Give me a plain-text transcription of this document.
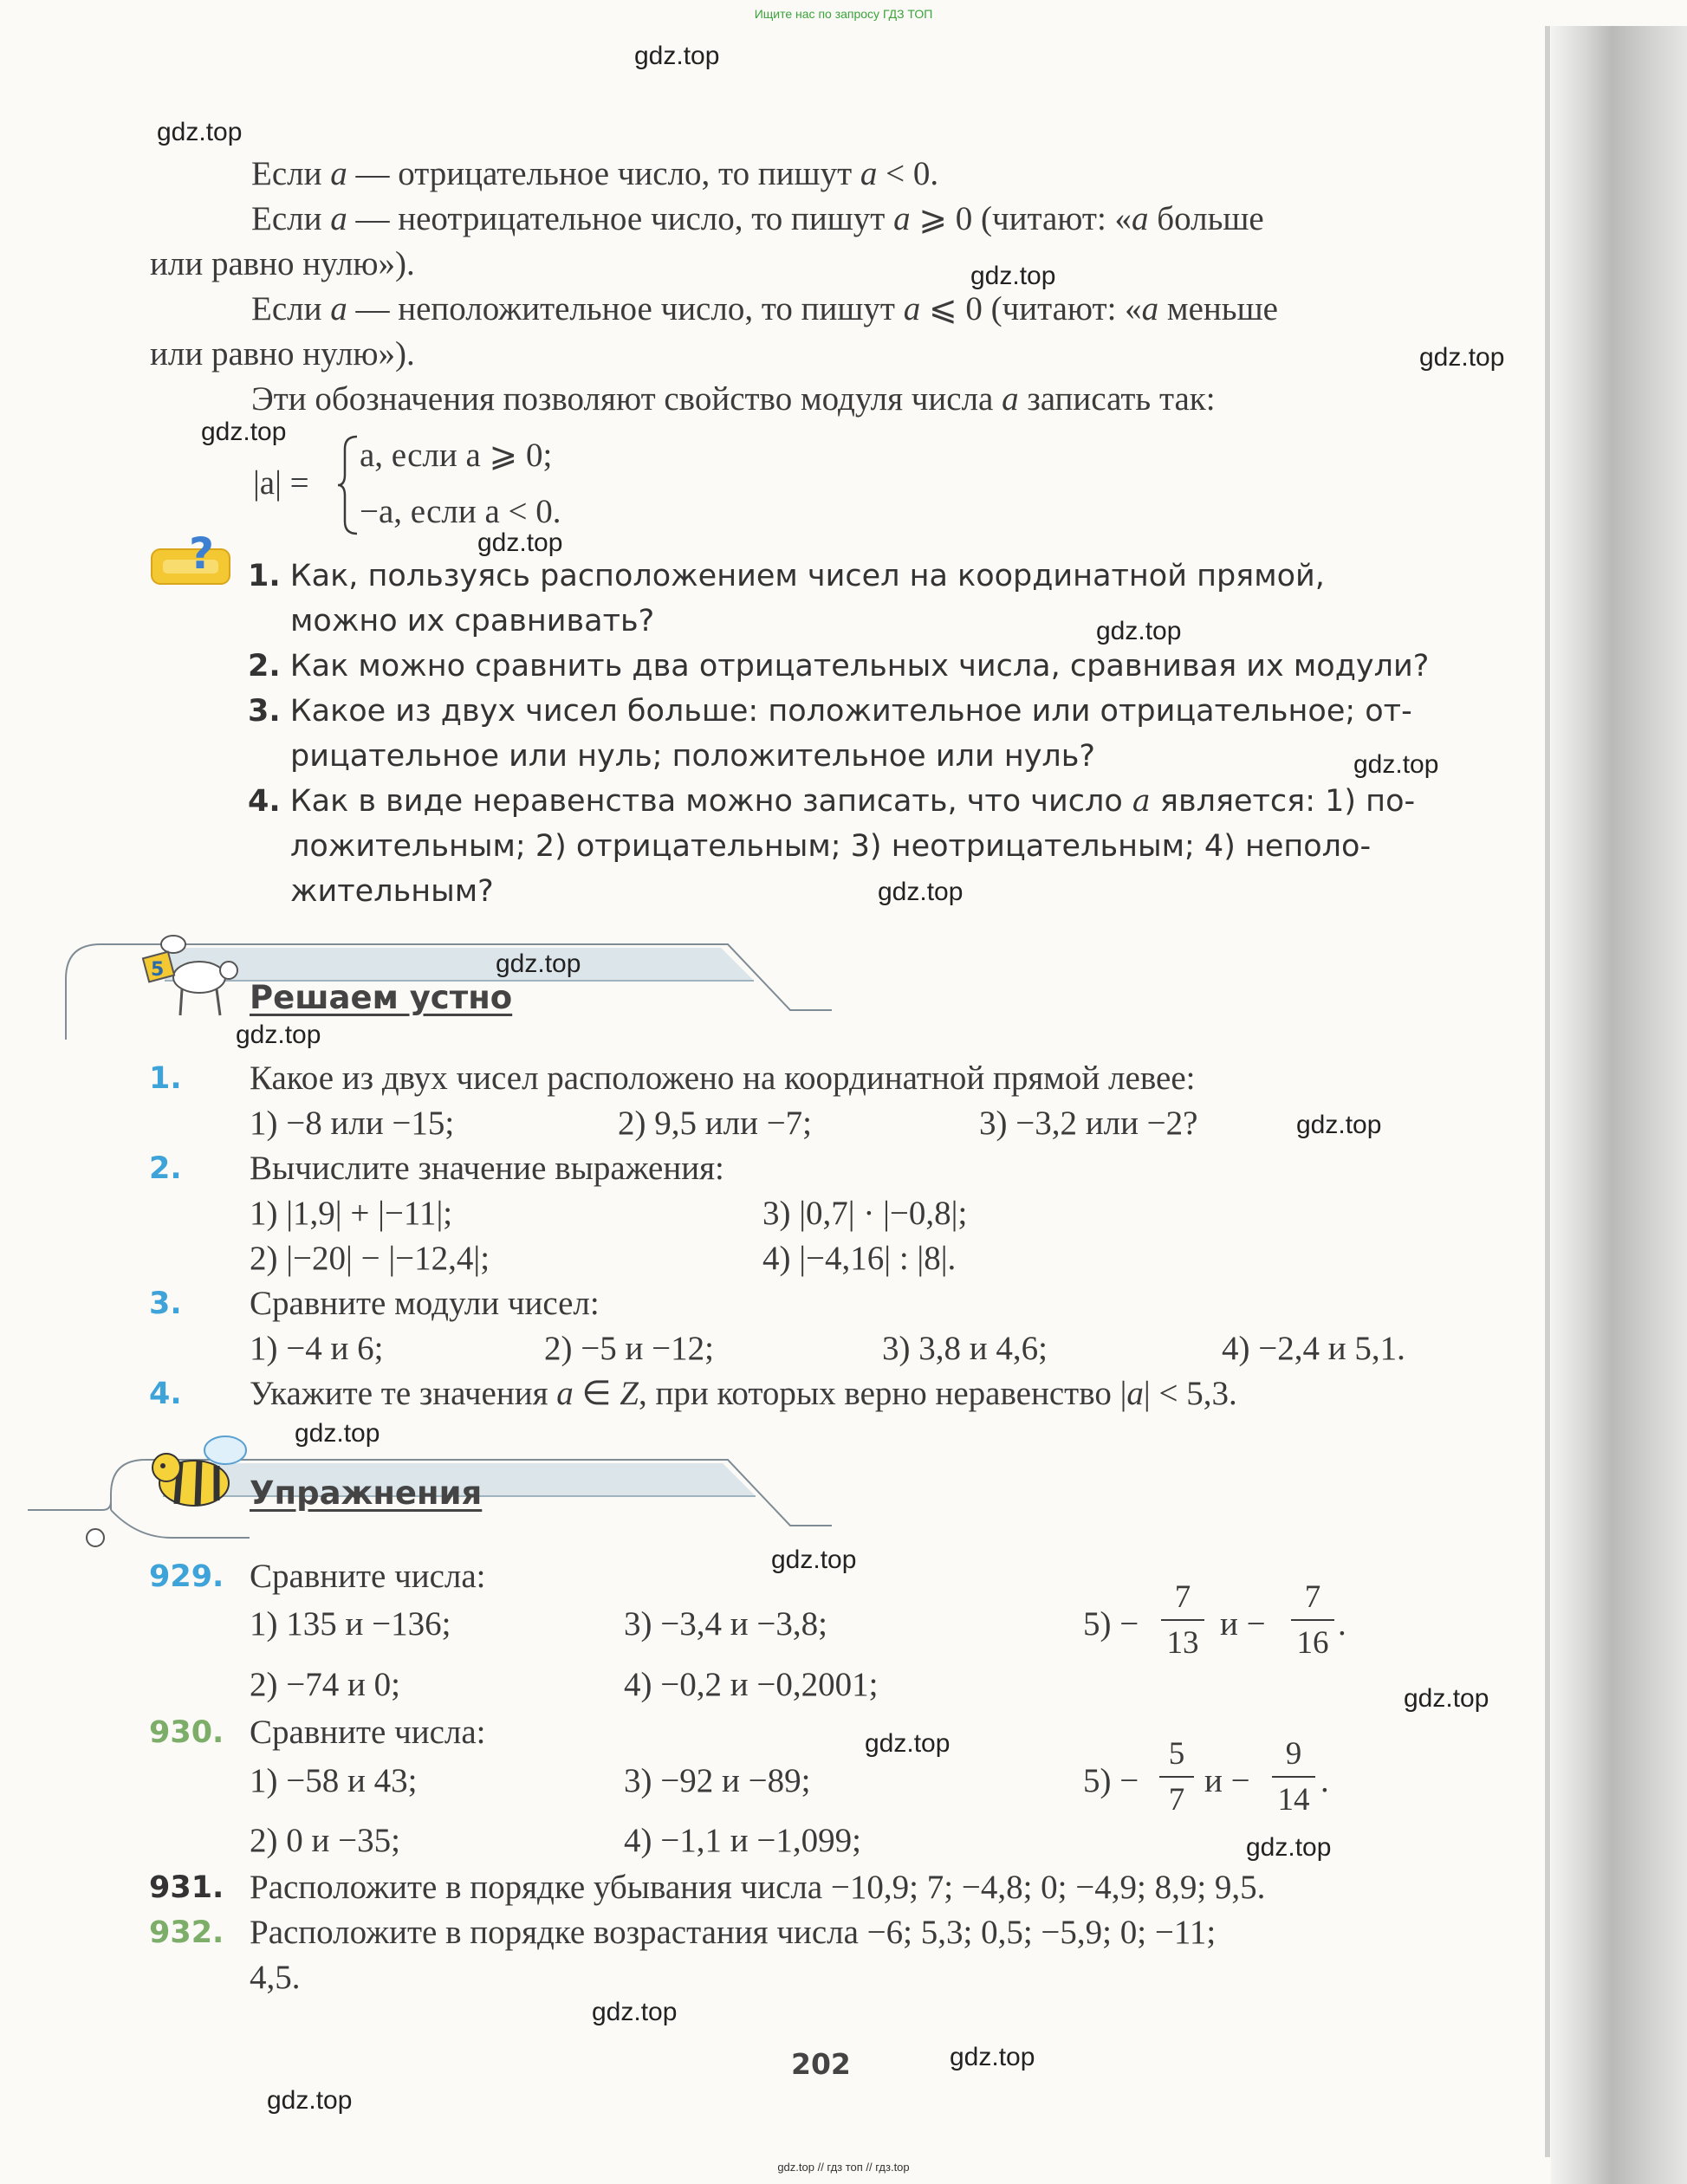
Ищите нас по запросу ГДЗ ТОП
Если a — отрицательное число, то пишут a < 0.
Если a — неотрицательное число, то пишут a ⩾ 0 (читают: «a больше
или равно нулю»).
Если a — неположительное число, то пишут a ⩽ 0 (читают: «a меньше
или равно нулю»).
Эти обозначения позволяют свойство модуля числа a записать так:
|a| =
a, если a ⩾ 0;
−a, если a < 0.
? 1. Как, пользуясь расположением чисел на координатной прямой,
можно их сравнивать?
2. Как можно сравнить два отрицательных числа, сравнивая их модули?
3. Какое из двух чисел больше: положительное или отрицательное; от-
рицательное или нуль; положительное или нуль?
4. Как в виде неравенства можно записать, что число a является: 1) по-
ложительным; 2) отрицательным; 3) неотрицательным; 4) неполо-
жительным?
5
Решаем устно
1. Какое из двух чисел расположено на координатной прямой левее:
1) −8 или −15;	2) 9,5 или −7;	3) −3,2 или −2?
2. Вычислите значение выражения:
1) |1,9| + |−11|;	3) |0,7| · |−0,8|;
2) |−20| − |−12,4|;	4) |−4,16| : |8|.
3. Сравните модули чисел:
1) −4 и 6;	2) −5 и −12;	3) 3,8 и 4,6;	4) −2,4 и 5,1.
4. Укажите те значения a ∈ Z, при которых верно неравенство |a| < 5,3.
Упражнения
929. Сравните числа:
1) 135 и −136;	3) −3,4 и −3,8;	5) −
7
13
и −
7
16
.
2) −74 и 0;	4) −0,2 и −0,2001;
930. Сравните числа:
1) −58 и 43;	3) −92 и −89;	5) −
5
7
и −
9
14
.
2) 0 и −35;	4) −1,1 и −1,099;
931. Расположите в порядке убывания числа −10,9; 7; −4,8; 0; −4,9; 8,9; 9,5.
932. Расположите в порядке возрастания числа −6; 5,3; 0,5; −5,9; 0; −11;
4,5.
202
gdz.top
gdz.top
gdz.top
gdz.top
gdz.top
gdz.top
gdz.top
gdz.top
gdz.top
gdz.top
gdz.top
gdz.top
gdz.top
gdz.top
gdz.top
gdz.top
gdz.top
gdz.top
gdz.top
gdz.top
gdz.top // гдз топ // гдз.top
